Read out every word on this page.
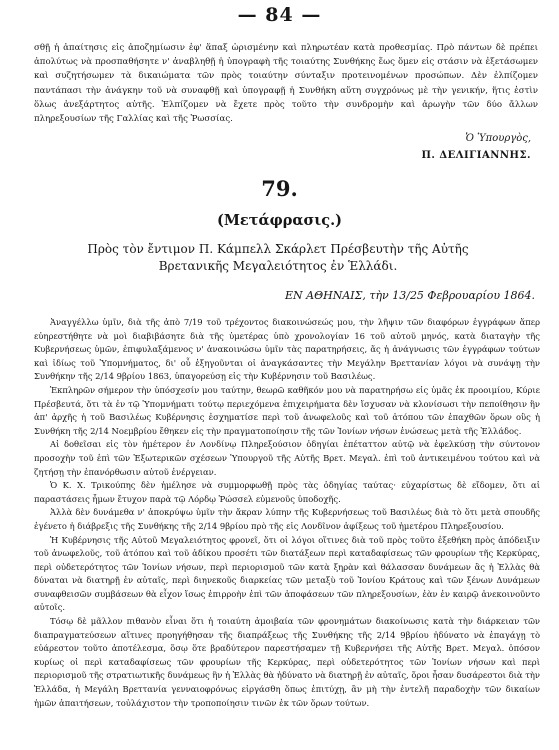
— 84 —

σθῇ ἡ ἀπαίτησις εἰς ἀποζημίωσιν ἐφ' ἅπαξ ὡρισμένην καὶ πληρωτέαν κατὰ προθεσμίας. Πρὸ πάντων δὲ πρέπει ἀπολύτως νὰ προσπαθήσητε ν' ἀναβληθῇ ἡ ὑπογραφὴ τῆς τοιαύτης Συνθήκης ἕως ὅμεν εἰς στάσιν νὰ ἐξετάσωμεν καὶ συζητήσωμεν τὰ δικαιώματα τῶν πρὸς τοιαύτην σύνταξιν προτεινομένων προσώπων. Δὲν ἐλπίζομεν παντάπασι τὴν ἀνάγκην τοῦ νὰ συναφθῇ καὶ ὑπογραφῇ ἡ Συνθήκη αὕτη συγχρόνως μὲ τὴν γενικήν, ἥτις ἐστὶν ὅλως ἀνεξάρτητος αὐτῆς. Ἐλπίζομεν νὰ ἔχετε πρὸς τοῦτο τὴν συνδρομὴν καὶ ἀρωγὴν τῶν δύο ἄλλων πληρεξουσίων τῆς Γαλλίας καὶ τῆς Ῥωσσίας.

Ὁ Ὑπουργὸς,
Π. ΔΕΛΙΓΙΑΝΝΗΣ.
79.
(Μετάφρασις.)

Πρὸς τὸν ἔντιμον Π. Κάμπελλ Σκάρλετ Πρέσβευτὴν τῆς Αὐτῆς Βρετανικῆς Μεγαλειότητος ἐν Ἑλλάδι.

ΕΝ ΑΘΗΝΑΙΣ, τὴν 13/25 Φεβρουαρίου 1864.

Ἀναγγέλλω ὑμῖν, διὰ τῆς ἀπὸ 7/19 τοῦ τρέχοντος διακοινώσεώς μου, τὴν λῆψιν τῶν διαφόρων ἐγγράφων ἅπερ εὐηρεστήθητε νὰ μοὶ διαβιβάσητε διὰ τῆς ὑμετέρας ὑπὸ χρονολογίαν 16 τοῦ αὐτοῦ μηνός, κατὰ διαταγὴν τῆς Κυβερνήσεως ὑμῶν, ἐπιφυλαξάμενος ν' ἀνακοινώσω ὑμῖν τὰς παρατηρήσεις, ἅς ἡ ἀνάγνωσις τῶν ἐγγράφων τούτων καὶ ἰδίως τοῦ Ὑπομνήματος, δι' οὗ ἐξηγοῦνται οἱ ἀναγκάσαντες τὴν Μεγάλην Βρεττανίαν λόγοι νὰ συνάψῃ τὴν Συνθήκην τῆς 2/14 9βρίου 1863, ὑπαγορεύσῃ εἰς τὴν Κυβέρνησιν τοῦ Βασιλέως.

Ἐκπληρῶν σήμερον τὴν ὑπόσχεσίν μου ταύτην, θεωρῶ καθῆκόν μου νὰ παρατηρήσω εἰς ὑμᾶς ἐκ προοιμίου, Κύριε Πρέσβευτά, ὅτι τὰ ἐν τῷ Ὑπομνήματι τούτῳ περιεχόμενα ἐπιχειρήματα δὲν ἴσχυσαν νὰ κλονίσωσι τὴν πεποίθησιν ἣν ἀπ' ἀρχῆς ἡ τοῦ Βασιλέως Κυβέρνησις ἐσχηματίσε περὶ τοῦ ἀνωφελοῦς καὶ τοῦ ἀτόπου τῶν ἐπαχθῶν ὅρων οὓς ἡ Συνθήκη τῆς 2/14 Νοεμβρίου ἔθηκεν εἰς τὴν πραγματοποίησιν τῆς τῶν Ἰονίων νήσων ἑνώσεως μετὰ τῆς Ἑλλάδος.

Αἱ δοθεῖσαι εἰς τὸν ἡμέτερον ἐν Λονδίνῳ Πληρεξούσιον ὁδηγίαι ἐπέταττον αὐτῷ νὰ ἐφελκύσῃ τὴν σύντονον προσοχὴν τοῦ ἐπὶ τῶν Ἐξωτερικῶν σχέσεων Ὑπουργοῦ τῆς Αὐτῆς Βρετ. Μεγαλ. ἐπὶ τοῦ ἀντικειμένου τούτου καὶ νὰ ζητήσῃ τὴν ἐπανόρθωσιν αὐτοῦ ἐνέργειαν.

Ὁ Κ. Χ. Τρικούπης δὲν ἠμέλησε νὰ συμμορφωθῇ πρὸς τὰς ὁδηγίας ταύτας· εὐχαρίστως δὲ εἴδομεν, ὅτι αἱ παραστάσεις ἧμων ἔτυχον παρὰ τῷ Λόρδῳ Ῥώσσελ εὐμενοῦς ὑποδοχῆς.

Ἀλλὰ δὲν δυνάμεθα ν' ἀποκρύψω ὑμῖν τὴν ἄκραν λύπην τῆς Κυβερνήσεως τοῦ Βασιλέως διὰ τὸ ὅτι μετὰ σπουδῆς ἐγένετο ἡ διάβρεξις τῆς Συνθήκης τῆς 2/14 9βρίου πρὸ τῆς εἰς Λονδῖνον ἀφίξεως τοῦ ἡμετέρου Πληρεξουσίου.

Ἡ Κυβέρνησις τῆς Αὐτοῦ Μεγαλειότητος φρονεῖ, ὅτι οἱ λόγοι οἵτινες διὰ τοῦ πρὸς τοῦτο ἐξεθήκη πρὸς ἀπόδειξιν τοῦ ἀνωφελοῦς, τοῦ ἀτόπου καὶ τοῦ ἀδίκου προσέτι τῶν διατάξεων περὶ καταδαφίσεως τῶν φρουρίων τῆς Κερκύρας, περὶ οὐδετερότητος τῶν Ἰονίων νήσων, περὶ περιορισμοῦ τῶν κατὰ ξηρὰν καὶ θάλασσαν δυνάμεων ἃς ἡ Ἑλλὰς θὰ δύναται νὰ διατηρῇ ἐν αὐταῖς, περὶ διηνεκοῦς διαρκείας τῶν μεταξὺ τοῦ Ἰονίου Κράτους καὶ τῶν ξένων Δυνάμεων συναφθεισῶν συμβάσεων θὰ εἶχον ἴσως ἐπιρροὴν ἐπὶ τῶν ἀποφάσεων τῶν πληρεξουσίων, ἐὰν ἐν καιρῷ ἀνεκοινοῦντο αὐτοῖς.

Τόσῳ δὲ μᾶλλον πιθανὸν εἶναι ὅτι ἡ τοιαύτη ἀμοιβαία τῶν φρονημάτων διακοίνωσις κατὰ τὴν διάρκειαν τῶν διαπραγματεύσεων αἵτινες προηγήθησαν τῆς διαπράξεως τῆς Συνθήκης τῆς 2/14 9βρίου ἠδύνατο νὰ ἐπαγάγῃ τὸ εὐάρεστον τοῦτο ἀποτέλεσμα, ὅσῳ ὅτε βραδύτερον παρεστήσαμεν τῇ Κυβερνήσει τῆς Αὐτῆς Βρετ. Μεγαλ. ὁπόσον κυρίως οἱ περὶ καταδαφίσεως τῶν φρουρίων τῆς Κερκύρας, περὶ οὐδετερότητος τῶν Ἰονίων νήσων καὶ περὶ περιορισμοῦ τῆς στρατιωτικῆς δυνάμεως ἣν ἡ Ἑλλὰς θὰ ἠδύνατο νὰ διατηρῇ ἐν αὐταῖς, ὅροι ἦσαν δυσάρεστοι διὰ τὴν Ἑλλάδα, ἡ Μεγάλη Βρεττανία γενναιοφρόνως εἰργάσθη ὅπως ἐπιτύχῃ, ἂν μὴ τὴν ἐντελῆ παραδοχὴν τῶν δικαίων ἡμῶν ἀπαιτήσεων, τοὐλάχιστον τὴν τροποποίησιν τινῶν ἐκ τῶν ὅρων τούτων.
